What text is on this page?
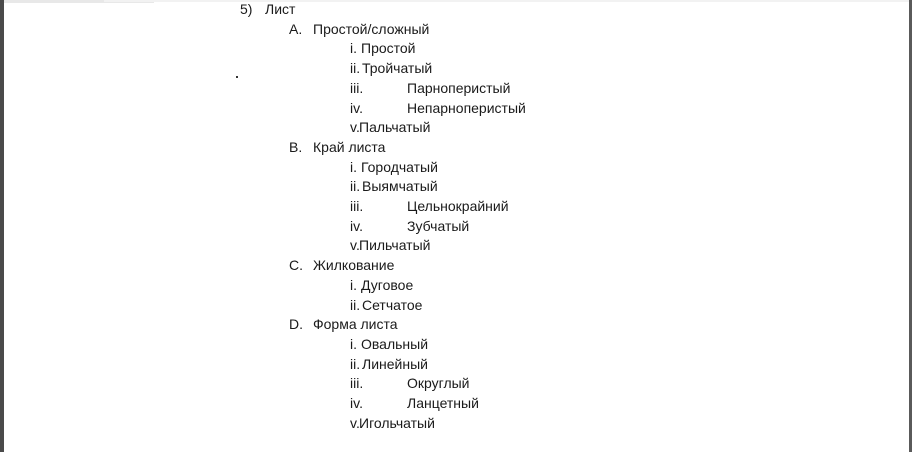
5) Лист
A. Простой/сложный
i. Простой
ii. Тройчатый
iii.	Парноперистый
iv.	Непарноперистый
v. Пальчатый
B. Край листа
i. Городчатый
ii. Выямчатый
iii.	Цельнокрайний
iv.	Зубчатый
v. Пильчатый
C. Жилкование
i. Дуговое
ii. Сетчатое
D. Форма листа
i. Овальный
ii. Линейный
iii.	Округлый
iv.	Ланцетный
v. Игольчатый
